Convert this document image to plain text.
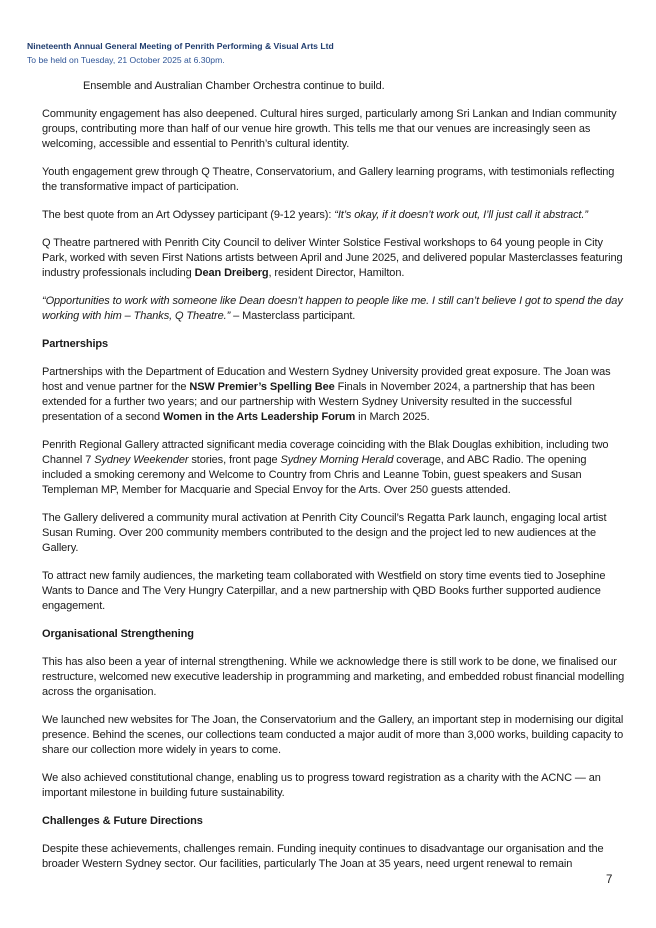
Nineteenth Annual General Meeting of Penrith Performing & Visual Arts Ltd
To be held on Tuesday, 21 October 2025 at 6.30pm.

Ensemble and Australian Chamber Orchestra continue to build.

Community engagement has also deepened. Cultural hires surged, particularly among Sri Lankan and Indian community groups, contributing more than half of our venue hire growth. This tells me that our venues are increasingly seen as welcoming, accessible and essential to Penrith’s cultural identity.

Youth engagement grew through Q Theatre, Conservatorium, and Gallery learning programs, with testimonials reflecting the transformative impact of participation.

The best quote from an Art Odyssey participant (9-12 years): “It’s okay, if it doesn’t work out, I’ll just call it abstract.”

Q Theatre partnered with Penrith City Council to deliver Winter Solstice Festival workshops to 64 young people in City Park, worked with seven First Nations artists between April and June 2025, and delivered popular Masterclasses featuring industry professionals including Dean Dreiberg, resident Director, Hamilton.

“Opportunities to work with someone like Dean doesn’t happen to people like me. I still can’t believe I got to spend the day working with him – Thanks, Q Theatre.” – Masterclass participant.

Partnerships

Partnerships with the Department of Education and Western Sydney University provided great exposure. The Joan was host and venue partner for the NSW Premier’s Spelling Bee Finals in November 2024, a partnership that has been extended for a further two years; and our partnership with Western Sydney University resulted in the successful presentation of a second Women in the Arts Leadership Forum in March 2025.

Penrith Regional Gallery attracted significant media coverage coinciding with the Blak Douglas exhibition, including two Channel 7 Sydney Weekender stories, front page Sydney Morning Herald coverage, and ABC Radio. The opening included a smoking ceremony and Welcome to Country from Chris and Leanne Tobin, guest speakers and Susan Templeman MP, Member for Macquarie and Special Envoy for the Arts. Over 250 guests attended.

The Gallery delivered a community mural activation at Penrith City Council’s Regatta Park launch, engaging local artist Susan Ruming. Over 200 community members contributed to the design and the project led to new audiences at the Gallery.

To attract new family audiences, the marketing team collaborated with Westfield on story time events tied to Josephine Wants to Dance and The Very Hungry Caterpillar, and a new partnership with QBD Books further supported audience engagement.

Organisational Strengthening

This has also been a year of internal strengthening. While we acknowledge there is still work to be done, we finalised our restructure, welcomed new executive leadership in programming and marketing, and embedded robust financial modelling across the organisation.

We launched new websites for The Joan, the Conservatorium and the Gallery, an important step in modernising our digital presence. Behind the scenes, our collections team conducted a major audit of more than 3,000 works, building capacity to share our collection more widely in years to come.

We also achieved constitutional change, enabling us to progress toward registration as a charity with the ACNC — an important milestone in building future sustainability.

Challenges & Future Directions

Despite these achievements, challenges remain. Funding inequity continues to disadvantage our organisation and the broader Western Sydney sector. Our facilities, particularly The Joan at 35 years, need urgent renewal to remain

7
